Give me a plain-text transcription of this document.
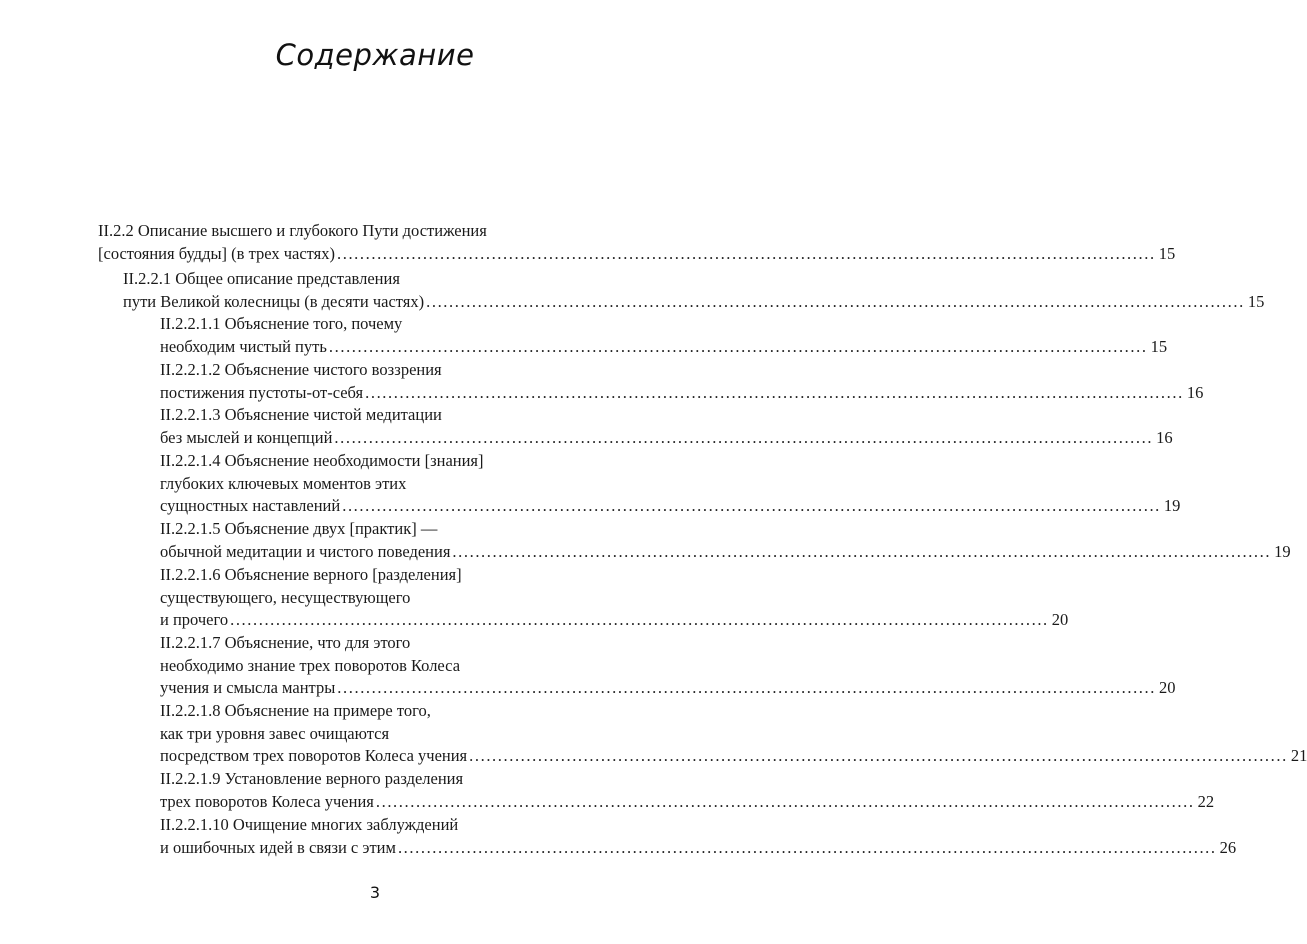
Содержание
II.2.2 Описание высшего и глубокого Пути достижения
[состояния будды] (в трех частях) ............................................................................................................................................... 15
II.2.2.1 Общее описание представления
пути Великой колесницы (в десяти частях) ............................................................................................................................................... 15
II.2.2.1.1 Объяснение того, почему
необходим чистый путь ............................................................................................................................................... 15
II.2.2.1.2 Объяснение чистого воззрения
постижения пустоты-от-себя ............................................................................................................................................... 16
II.2.2.1.3 Объяснение чистой медитации
без мыслей и концепций ............................................................................................................................................... 16
II.2.2.1.4 Объяснение необходимости [знания]
глубоких ключевых моментов этих
сущностных наставлений ............................................................................................................................................... 19
II.2.2.1.5 Объяснение двух [практик] —
обычной медитации и чистого поведения ............................................................................................................................................... 19
II.2.2.1.6 Объяснение верного [разделения]
существующего, несуществующего
и прочего ............................................................................................................................................... 20
II.2.2.1.7 Объяснение, что для этого
необходимо знание трех поворотов Колеса
учения и смысла мантры ............................................................................................................................................... 20
II.2.2.1.8 Объяснение на примере того,
как три уровня завес очищаются
посредством трех поворотов Колеса учения ............................................................................................................................................... 21
II.2.2.1.9 Установление верного разделения
трех поворотов Колеса учения ............................................................................................................................................... 22
II.2.2.1.10 Очищение многих заблуждений
и ошибочных идей в связи с этим ............................................................................................................................................... 26
3
